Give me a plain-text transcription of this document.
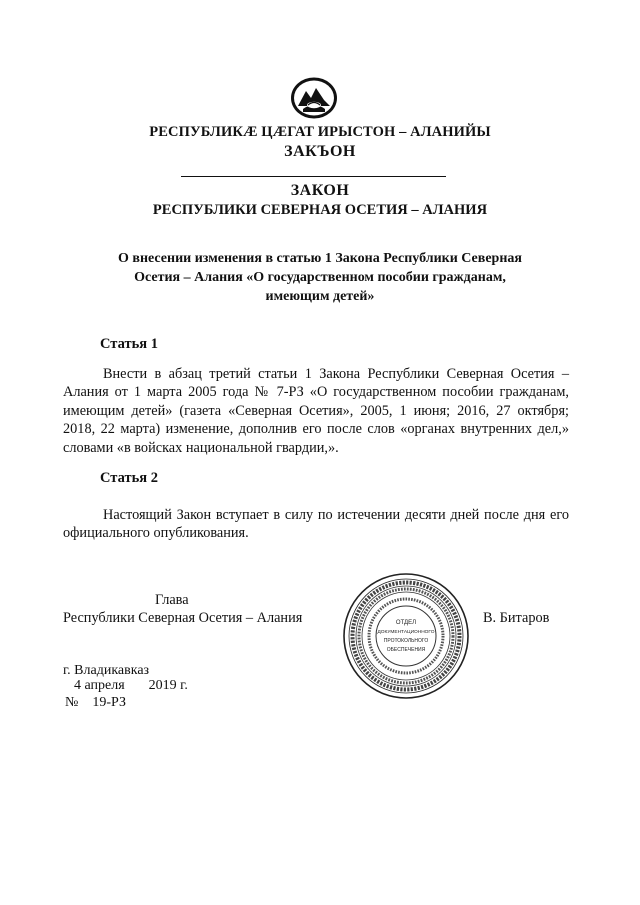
РЕСПУБЛИКÆ ЦÆГАТ ИРЫСТОН – АЛАНИЙЫ
ЗАКЪОН
ЗАКОН
РЕСПУБЛИКИ СЕВЕРНАЯ ОСЕТИЯ – АЛАНИЯ
О внесении изменения в статью 1 Закона Республики Северная
Осетия – Алания «О государственном пособии гражданам,
имеющим детей»
Статья 1
Внести в абзац третий статьи 1 Закона Республики Северная Осетия – Алания от 1 марта 2005 года № 7-РЗ «О государственном пособии гражданам, имеющим детей» (газета «Северная Осетия», 2005, 1 июня; 2016, 27 октября; 2018, 22 марта) изменение, дополнив его после слов «органах внутренних дел,» словами «в войсках национальной гвардии,».
Статья 2
Настоящий Закон вступает в силу по истечении десяти дней после дня его официального опубликования.
Глава
Республики Северная Осетия – Алания	В. Битаров
ОТДЕЛ
ДОКУМЕНТАЦИОННОГО
ПРОТОКОЛЬНОГО
ОБЕСПЕЧЕНИЯ
г. Владикавказ
4 апреля 2019 г.
№ 19-РЗ
